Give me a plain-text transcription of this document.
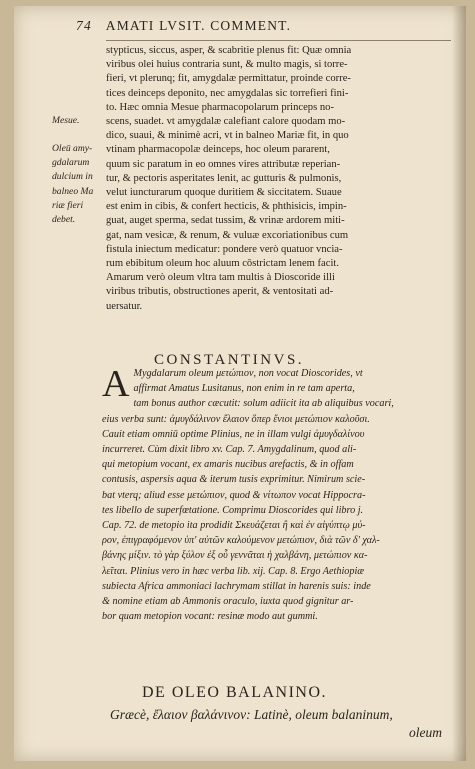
74 AMATI LVSIT. COMMENT.
Mesue.
Oleū amy-
gdalarum
dulcium in
balneo Ma
riæ fieri
debet.
stypticus, siccus, asper, & scabritie plenus fit: Quæ omnia
viribus olei huius contraria sunt, & multo magis, si torre-
fieri, vt plerunq; fit, amygdalæ permittatur, proinde corre-
tices deinceps deponito, nec amygdalas sic torrefieri fini-
to. Hæc omnia Mesue pharmacopolarum princeps no-
scens, suadet. vt amygdalæ calefiant calore quodam mo-
dico, suaui, & minimè acri, vt in balneo Mariæ fit, in quo
vtinam pharmacopolæ deinceps, hoc oleum pararent,
quum sic paratum in eo omnes vires attributæ reperian-
tur, & pectoris asperitates lenit, ac gutturis & pulmonis,
velut iuncturarum quoque duritiem & siccitatem. Suaue
est enim in cibis, & confert hecticis, & phthisicis, impin-
guat, auget sperma, sedat tussim, & vrinæ ardorem miti-
gat, nam vesicæ, & renum, & vuluæ excoriationibus cum
fistula iniectum medicatur: pondere verò quatuor vncia-
rum ebibitum oleum hoc aluum cōstrictam lenem facit.
Amarum verò oleum vltra tam multis à Dioscoride illi
viribus tributis, obstructiones aperit, & ventositati ad-
uersatur.
CONSTANTINVS.
A Mygdalarum oleum μετώπιον, non vocat Dioscorides, vt
affirmat Amatus Lusitanus, non enim in re tam aperta,
tam bonus author cæcutit: solum adiicit ita ab aliquibus vocari,
eius verba sunt: ἀμυγδάλινον ἔλαιον ὅπερ ἔνιοι μετώπιον καλοῦσι.
Cauit etiam omniū optime Plinius, ne in illam vulgi ἀμυγδαλίνου
incurreret. Cùm dixit libro xv. Cap. 7. Amygdalinum, quod ali-
qui metopium vocant, ex amaris nucibus arefactis, & in offam
contusis, aspersis aqua & iterum tusis exprimitur. Nimirum scie-
bat vterq; aliud esse μετώπιον, quod & νίτωπον vocat Hippocra-
tes libello de superfœtatione. Comprimu Dioscorides qui libro j.
Cap. 72. de metopio ita prodidit Σκευάζεται ἢ καὶ ἐν αἰγύπτῳ μύ-
ρον, ἐπιγραφόμενον ὑπ' αὐτῶν καλούμενον μετώπιον, διὰ τῶν δ' χαλ-
βάνης μίξιν. τὸ γὰρ ξύλον ἐξ οὗ γεννᾶται ἡ χαλβάνη, μετώπιον κα-
λεῖται. Plinius vero in hæc verba lib. xij. Cap. 8. Ergo Aethiopiæ
subiecta Africa ammoniaci lachrymam stillat in harenis suis: inde
& nomine etiam ab Ammonis oraculo, iuxta quod gignitur ar-
bor quam metopion vocant: resinæ modo aut gummi.
DE OLEO BALANINO.
Græcè, ἔλαιον βαλάνινον: Latinè, oleum balaninum,
oleum
